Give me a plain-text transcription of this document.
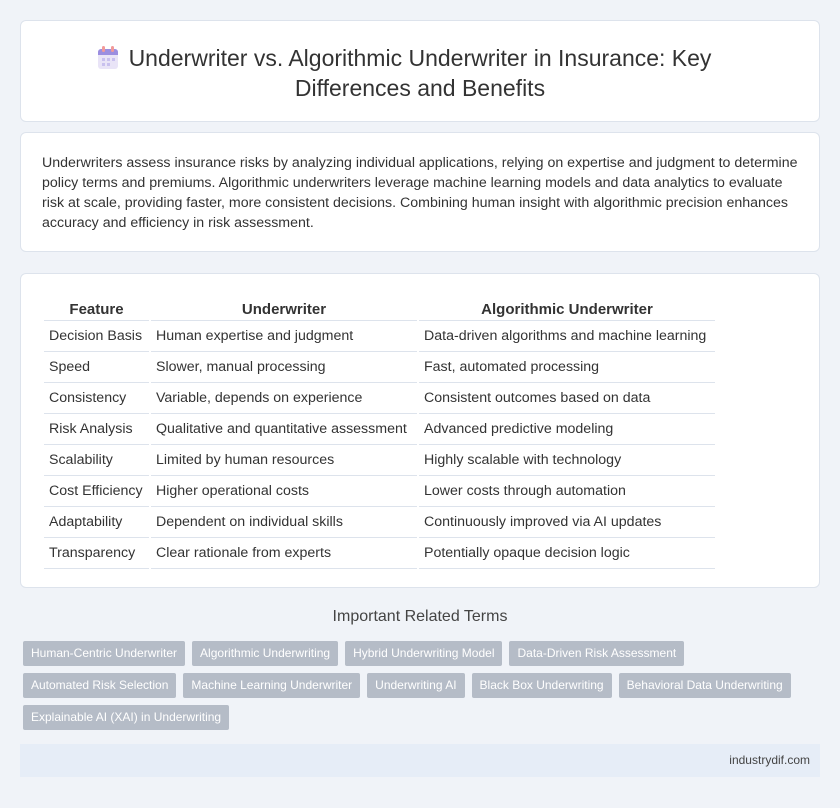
Underwriter vs. Algorithmic Underwriter in Insurance: Key Differences and Benefits

Underwriters assess insurance risks by analyzing individual applications, relying on expertise and judgment to determine policy terms and premiums. Algorithmic underwriters leverage machine learning models and data analytics to evaluate risk at scale, providing faster, more consistent decisions. Combining human insight with algorithmic precision enhances accuracy and efficiency in risk assessment.

Feature	Underwriter	Algorithmic Underwriter
Decision Basis	Human expertise and judgment	Data-driven algorithms and machine learning
Speed	Slower, manual processing	Fast, automated processing
Consistency	Variable, depends on experience	Consistent outcomes based on data
Risk Analysis	Qualitative and quantitative assessment	Advanced predictive modeling
Scalability	Limited by human resources	Highly scalable with technology
Cost Efficiency	Higher operational costs	Lower costs through automation
Adaptability	Dependent on individual skills	Continuously improved via AI updates
Transparency	Clear rationale from experts	Potentially opaque decision logic
Important Related Terms
Human-Centric Underwriter	Algorithmic Underwriting	Hybrid Underwriting Model	Data-Driven Risk Assessment
Automated Risk Selection	Machine Learning Underwriter	Underwriting AI	Black Box Underwriting	Behavioral Data Underwriting
Explainable AI (XAI) in Underwriting
industrydif.com
